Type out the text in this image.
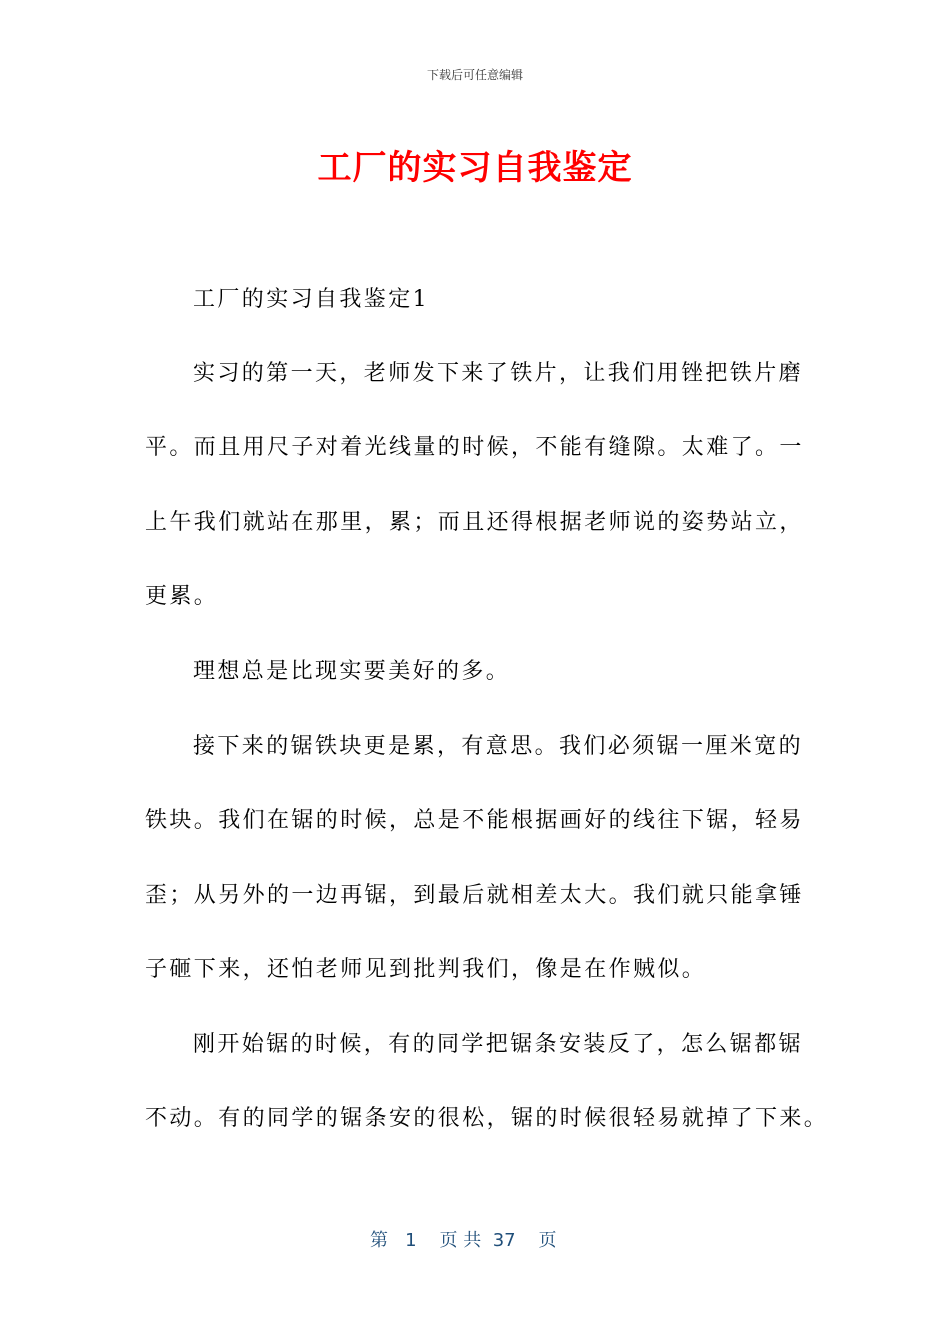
下载后可任意编辑
工厂的实习自我鉴定
工厂的实习自我鉴定1
实习的第一天，老师发下来了铁片，让我们用锉把铁片磨
平。而且用尺子对着光线量的时候，不能有缝隙。太难了。一
上午我们就站在那里，累；而且还得根据老师说的姿势站立，
更累。
理想总是比现实要美好的多。
接下来的锯铁块更是累，有意思。我们必须锯一厘米宽的
铁块。我们在锯的时候，总是不能根据画好的线往下锯，轻易
歪；从另外的一边再锯，到最后就相差太大。我们就只能拿锤
子砸下来，还怕老师见到批判我们，像是在作贼似。
刚开始锯的时候，有的同学把锯条安装反了，怎么锯都锯
不动。有的同学的锯条安的很松，锯的时候很轻易就掉了下来。
第 1 页 共 37 页
